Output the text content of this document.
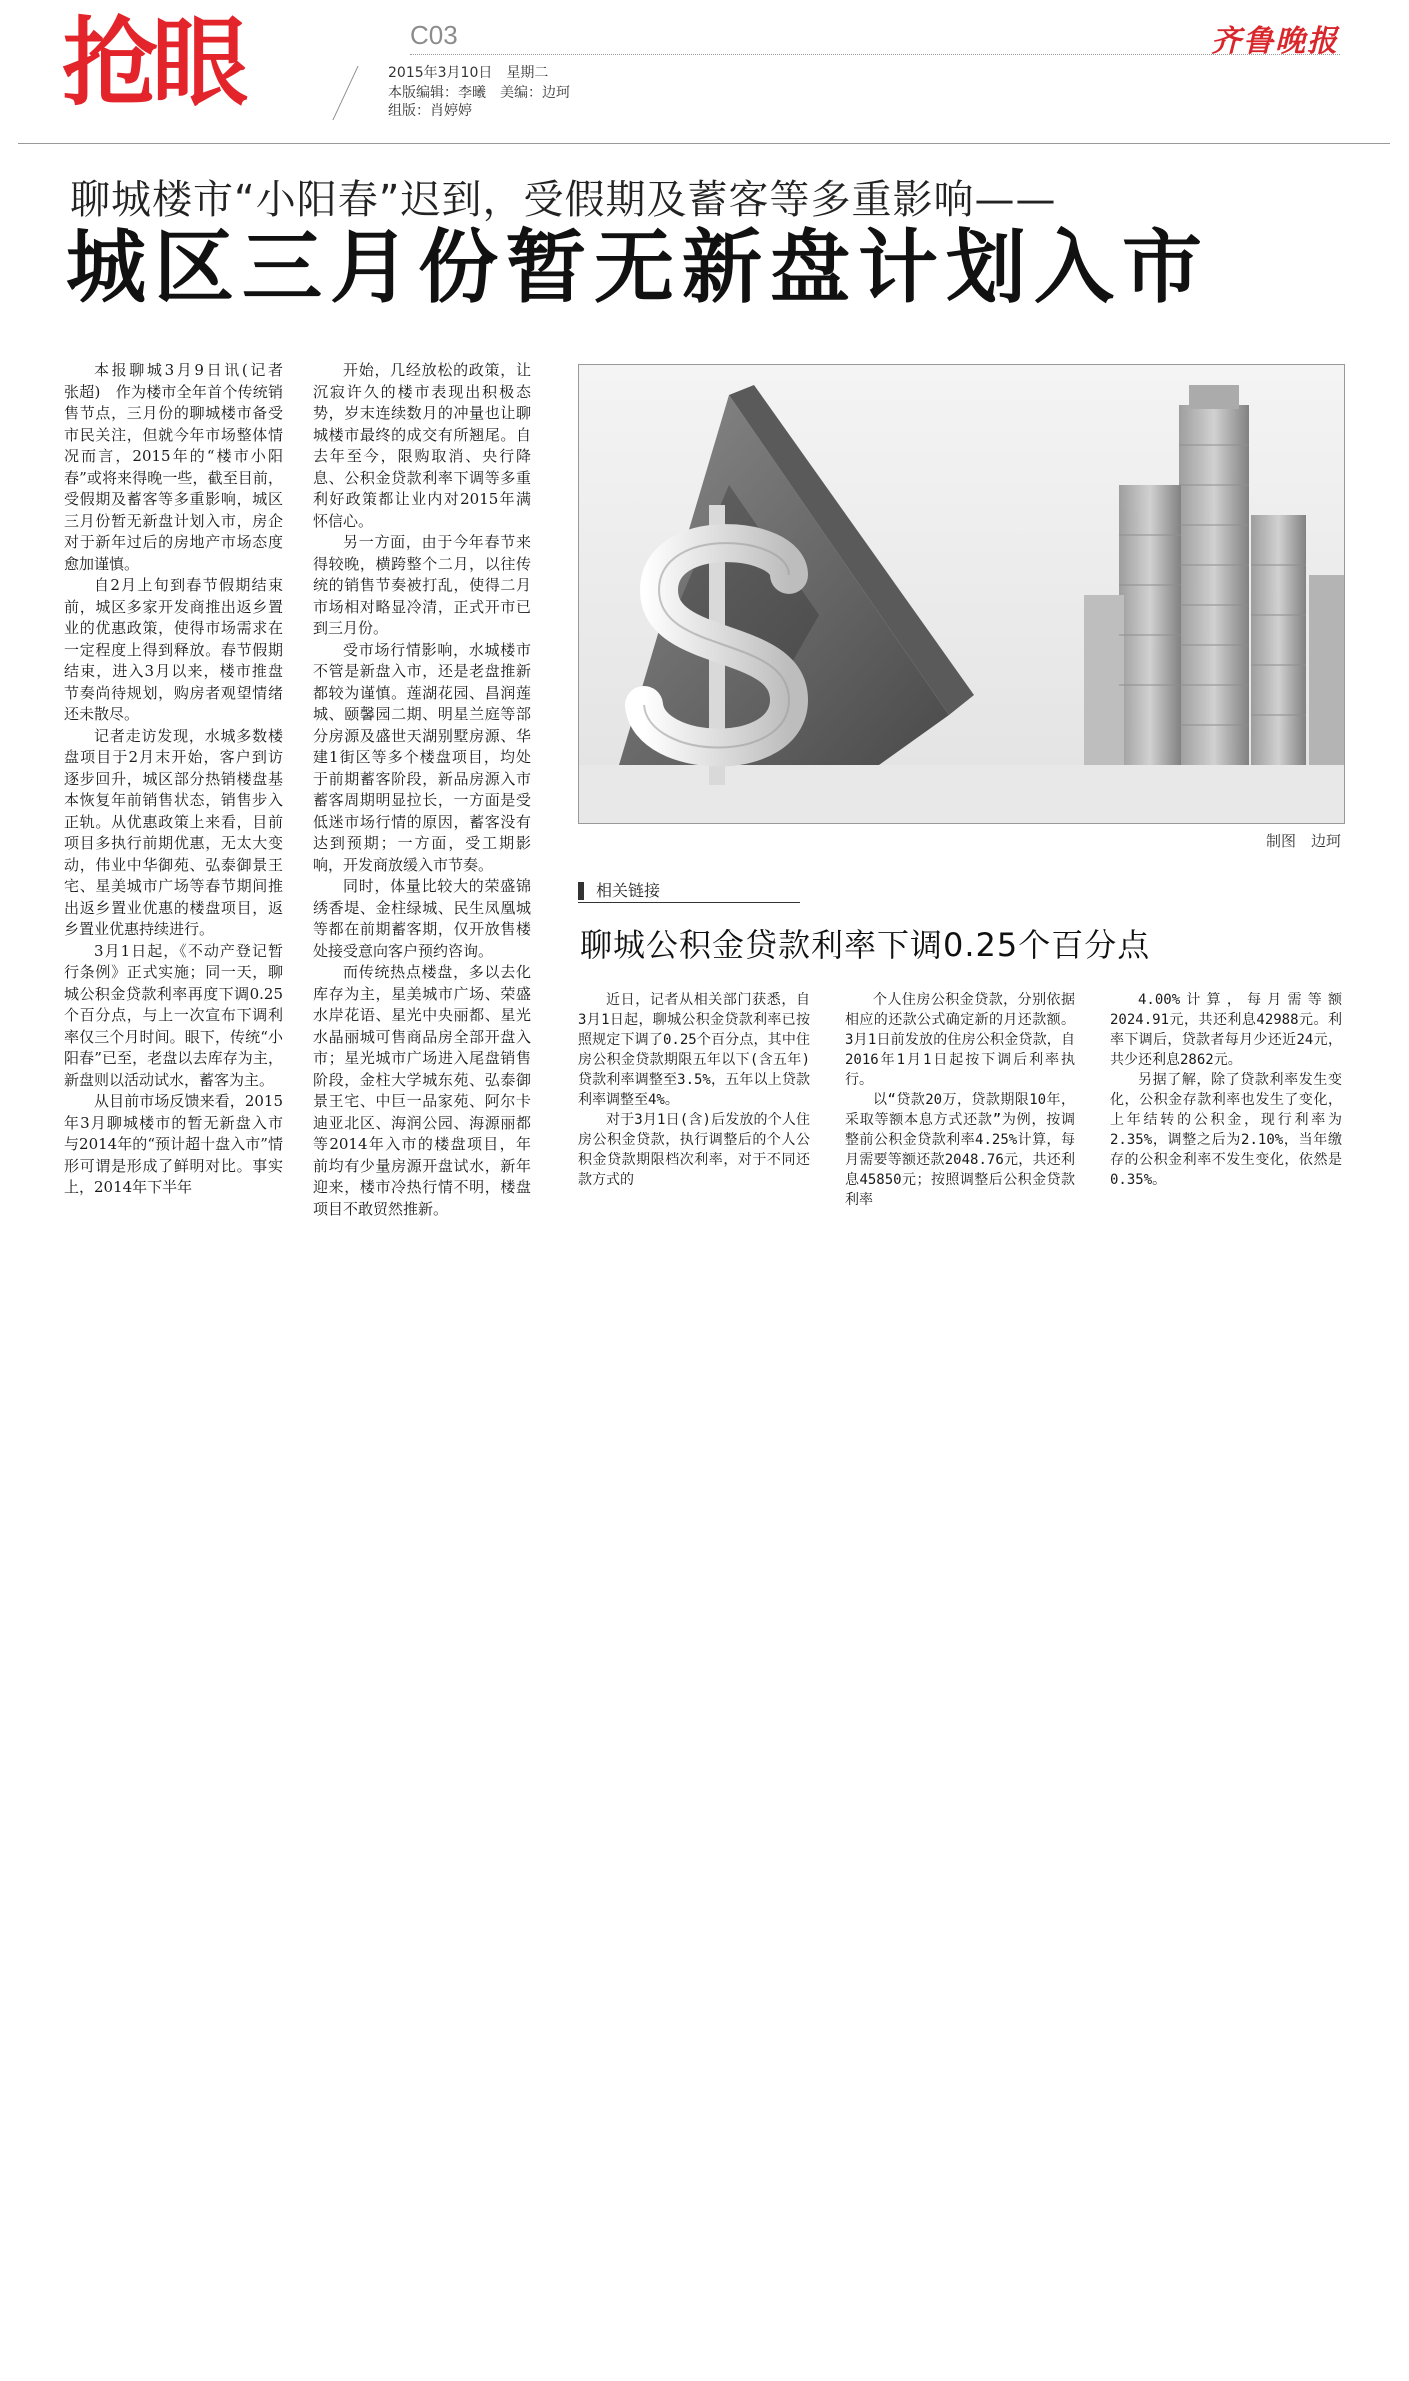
抢眼	C03
2015年3月10日　星期二
本版编辑：李曦　美编：边珂
组版：肖婷婷
齐鲁晚报
聊城楼市“小阳春”迟到，受假期及蓄客等多重影响——
城区三月份暂无新盘计划入市

本报聊城3月9日讯(记者　张超)　作为楼市全年首个传统销售节点，三月份的聊城楼市备受市民关注，但就今年市场整体情况而言，2015年的“楼市小阳春”或将来得晚一些，截至目前，受假期及蓄客等多重影响，城区三月份暂无新盘计划入市，房企对于新年过后的房地产市场态度愈加谨慎。

自2月上旬到春节假期结束前，城区多家开发商推出返乡置业的优惠政策，使得市场需求在一定程度上得到释放。春节假期结束，进入3月以来，楼市推盘节奏尚待规划，购房者观望情绪还未散尽。

记者走访发现，水城多数楼盘项目于2月末开始，客户到访逐步回升，城区部分热销楼盘基本恢复年前销售状态，销售步入正轨。从优惠政策上来看，目前项目多执行前期优惠，无太大变动，伟业中华御苑、弘泰御景王宅、星美城市广场等春节期间推出返乡置业优惠的楼盘项目，返乡置业优惠持续进行。

3月1日起，《不动产登记暂行条例》正式实施；同一天，聊城公积金贷款利率再度下调0.25个百分点，与上一次宣布下调利率仅三个月时间。眼下，传统“小阳春”已至，老盘以去库存为主，新盘则以活动试水，蓄客为主。

从目前市场反馈来看，2015年3月聊城楼市的暂无新盘入市与2014年的“预计超十盘入市”情形可谓是形成了鲜明对比。事实上，2014年下半年

开始，几经放松的政策，让沉寂许久的楼市表现出积极态势，岁末连续数月的冲量也让聊城楼市最终的成交有所翘尾。自去年至今，限购取消、央行降息、公积金贷款利率下调等多重利好政策都让业内对2015年满怀信心。

另一方面，由于今年春节来得较晚，横跨整个二月，以往传统的销售节奏被打乱，使得二月市场相对略显冷清，正式开市已到三月份。

受市场行情影响，水城楼市不管是新盘入市，还是老盘推新都较为谨慎。莲湖花园、昌润莲城、颐馨园二期、明星兰庭等部分房源及盛世天湖别墅房源、华建1街区等多个楼盘项目，均处于前期蓄客阶段，新品房源入市蓄客周期明显拉长，一方面是受低迷市场行情的原因，蓄客没有达到预期；一方面，受工期影响，开发商放缓入市节奏。

同时，体量比较大的荣盛锦绣香堤、金柱绿城、民生凤凰城等都在前期蓄客期，仅开放售楼处接受意向客户预约咨询。

而传统热点楼盘，多以去化库存为主，星美城市广场、荣盛水岸花语、星光中央丽都、星光水晶丽城可售商品房全部开盘入市；星光城市广场进入尾盘销售阶段，金柱大学城东苑、弘泰御景王宅、中巨一品家苑、阿尔卡迪亚北区、海润公园、海源丽都等2014年入市的楼盘项目，年前均有少量房源开盘试水，新年迎来，楼市冷热行情不明，楼盘项目不敢贸然推新。

制图　边珂
相关链接
聊城公积金贷款利率下调0.25个百分点

近日，记者从相关部门获悉，自3月1日起，聊城公积金贷款利率已按照规定下调了0.25个百分点，其中住房公积金贷款期限五年以下(含五年)贷款利率调整至3.5%，五年以上贷款利率调整至4%。

对于3月1日(含)后发放的个人住房公积金贷款，执行调整后的个人公积金贷款期限档次利率，对于不同还款方式的

个人住房公积金贷款，分别依据相应的还款公式确定新的月还款额。3月1日前发放的住房公积金贷款，自2016年1月1日起按下调后利率执行。

以“贷款20万，贷款期限10年，采取等额本息方式还款”为例，按调整前公积金贷款利率4.25%计算，每月需要等额还款2048.76元，共还利息45850元；按照调整后公积金贷款利率

4.00%计算，每月需等额2024.91元，共还利息42988元。利率下调后，贷款者每月少还近24元，共少还利息2862元。

另据了解，除了贷款利率发生变化，公积金存款利率也发生了变化，上年结转的公积金，现行利率为2.35%，调整之后为2.10%，当年缴存的公积金利率不发生变化，依然是0.35%。
